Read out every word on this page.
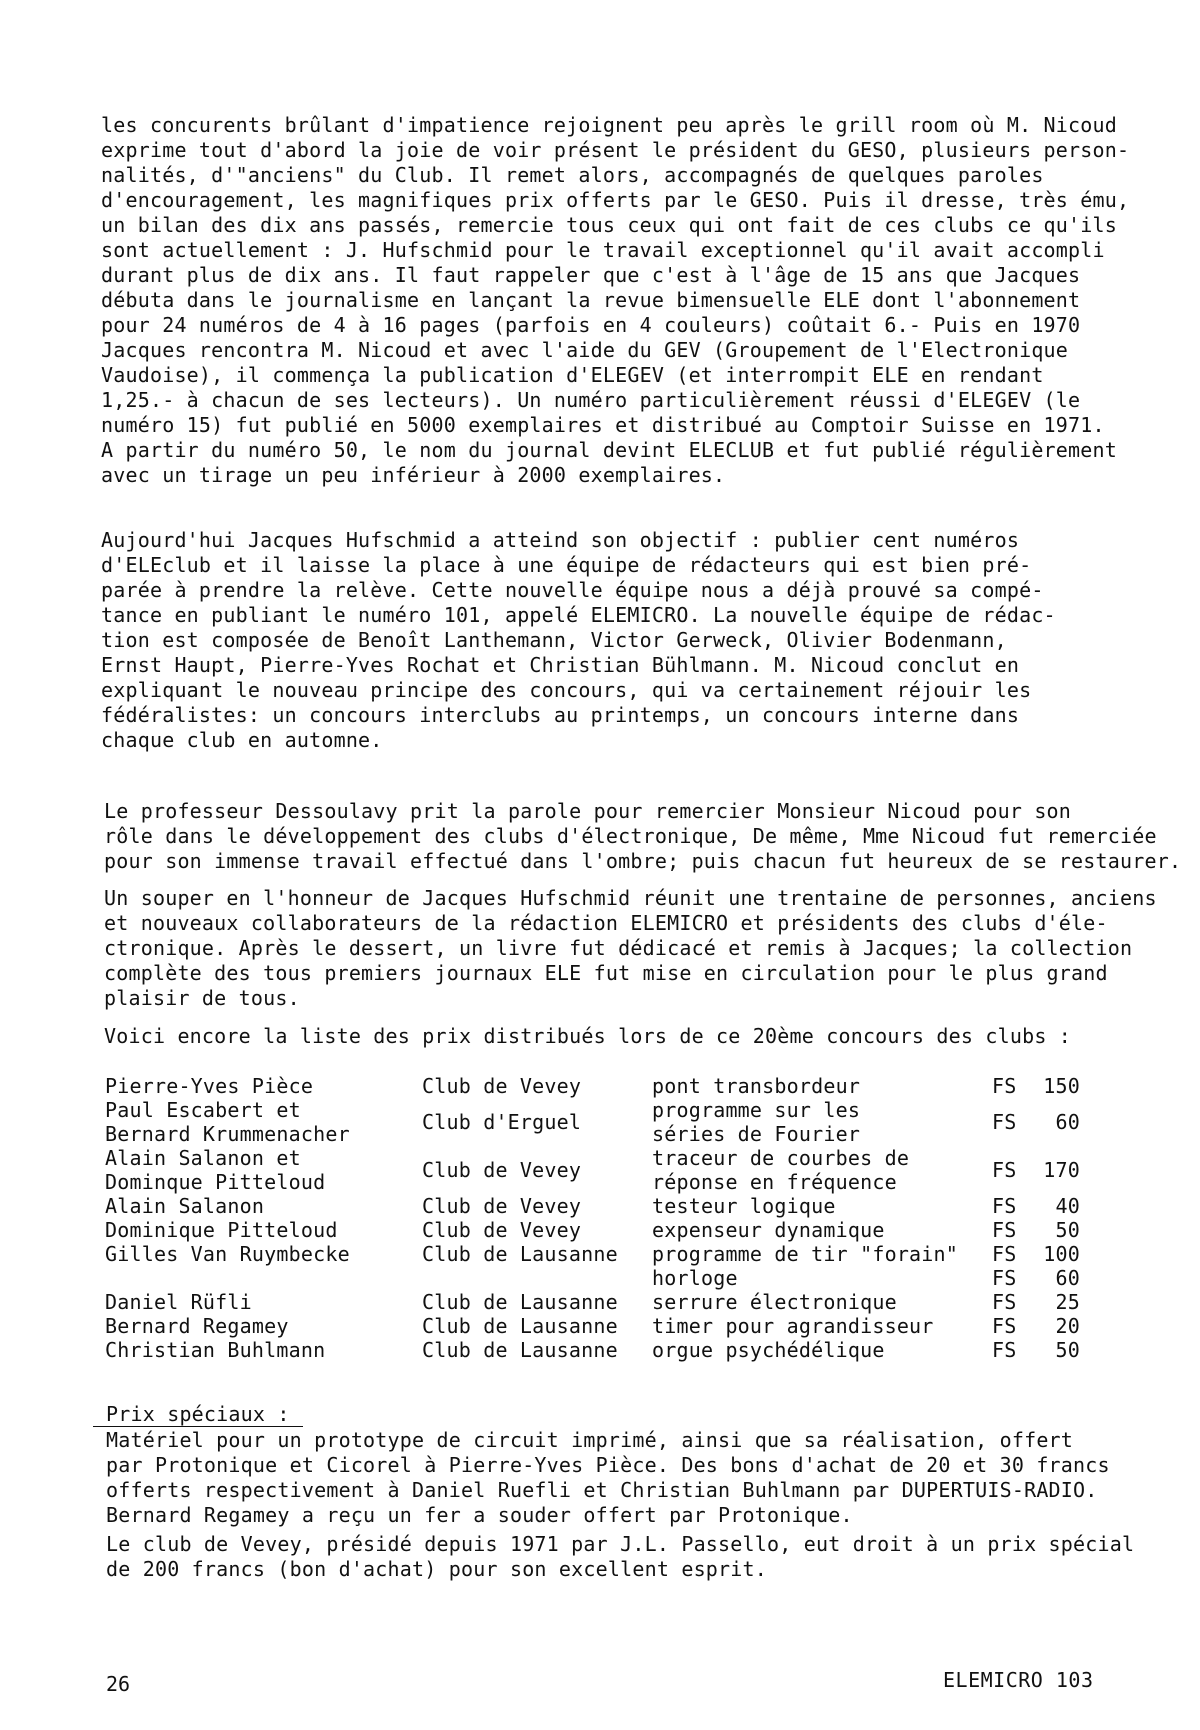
les concurents brûlant d'impatience rejoignent peu après le grill room où M. Nicoud
exprime tout d'abord la joie de voir présent le président du GESO, plusieurs person-
nalités, d'"anciens" du Club. Il remet alors, accompagnés de quelques paroles
d'encouragement, les magnifiques prix offerts par le GESO. Puis il dresse, très ému,
un bilan des dix ans passés, remercie tous ceux qui ont fait de ces clubs ce qu'ils
sont actuellement : J. Hufschmid pour le travail exceptionnel qu'il avait accompli
durant plus de dix ans. Il faut rappeler que c'est à l'âge de 15 ans que Jacques
débuta dans le journalisme en lançant la revue bimensuelle ELE dont l'abonnement
pour 24 numéros de 4 à 16 pages (parfois en 4 couleurs) coûtait 6.- Puis en 1970
Jacques rencontra M. Nicoud et avec l'aide du GEV (Groupement de l'Electronique
Vaudoise), il commença la publication d'ELEGEV (et interrompit ELE en rendant
1,25.- à chacun de ses lecteurs). Un numéro particulièrement réussi d'ELEGEV (le
numéro 15) fut publié en 5000 exemplaires et distribué au Comptoir Suisse en 1971.
A partir du numéro 50, le nom du journal devint ELECLUB et fut publié régulièrement
avec un tirage un peu inférieur à 2000 exemplaires.
Aujourd'hui Jacques Hufschmid a atteind son objectif : publier cent numéros
d'ELEclub et il laisse la place à une équipe de rédacteurs qui est bien pré-
parée à prendre la relève. Cette nouvelle équipe nous a déjà prouvé sa compé-
tance en publiant le numéro 101, appelé ELEMICRO. La nouvelle équipe de rédac-
tion est composée de Benoît Lanthemann, Victor Gerweck, Olivier Bodenmann,
Ernst Haupt, Pierre-Yves Rochat et Christian Bühlmann. M. Nicoud conclut en
expliquant le nouveau principe des concours, qui va certainement réjouir les
fédéralistes: un concours interclubs au printemps, un concours interne dans
chaque club en automne.
Le professeur Dessoulavy prit la parole pour remercier Monsieur Nicoud pour son
rôle dans le développement des clubs d'électronique, De même, Mme Nicoud fut remerciée
pour son immense travail effectué dans l'ombre; puis chacun fut heureux de se restaurer.
Un souper en l'honneur de Jacques Hufschmid réunit une trentaine de personnes, anciens
et nouveaux collaborateurs de la rédaction ELEMICRO et présidents des clubs d'éle-
ctronique. Après le dessert, un livre fut dédicacé et remis à Jacques; la collection
complète des tous premiers journaux ELE fut mise en circulation pour le plus grand
plaisir de tous.
Voici encore la liste des prix distribués lors de ce 20ème concours des clubs :
Pierre-Yves Pièce	Club de Vevey	pont transbordeur	FS	150
Paul Escabert et
Bernard Krummenacher	Club d'Erguel	programme sur les
séries de Fourier	FS	60
Alain Salanon et
Dominque Pitteloud	Club de Vevey	traceur de courbes de
réponse en fréquence	FS	170
Alain Salanon	Club de Vevey	testeur logique	FS	40
Dominique Pitteloud	Club de Vevey	expenseur dynamique	FS	50
Gilles Van Ruymbecke	Club de Lausanne programme de tir "forain" FS	100
horloge	FS	60
Daniel Rüfli	Club de Lausanne serrure électronique	FS	25
Bernard Regamey	Club de Lausanne timer pour agrandisseur	FS	20
Christian Buhlmann	Club de Lausanne orgue psychédélique	FS	50
Prix spéciaux :
Matériel pour un prototype de circuit imprimé, ainsi que sa réalisation, offert
par Protonique et Cicorel à Pierre-Yves Pièce. Des bons d'achat de 20 et 30 francs
offerts respectivement à Daniel Ruefli et Christian Buhlmann par DUPERTUIS-RADIO.
Bernard Regamey a reçu un fer a souder offert par Protonique.
Le club de Vevey, présidé depuis 1971 par J.L. Passello, eut droit à un prix spécial
de 200 francs (bon d'achat) pour son excellent esprit.
26	ELEMICRO 103
